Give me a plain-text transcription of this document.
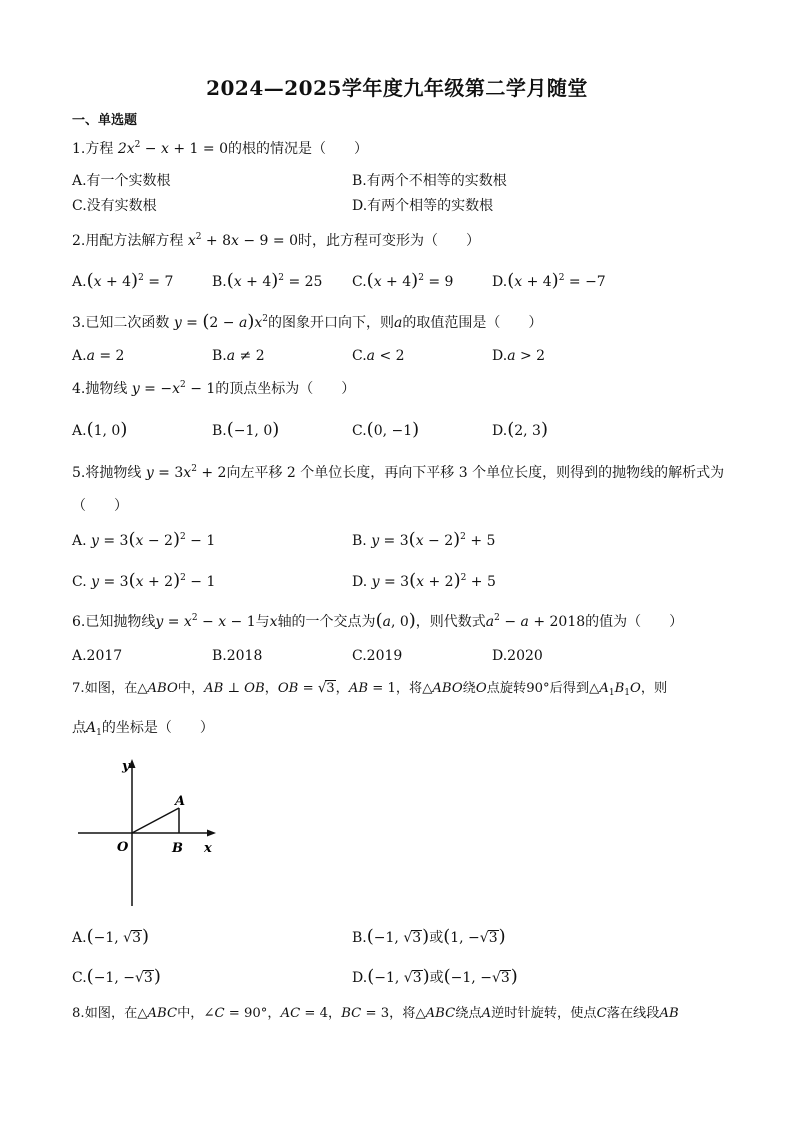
2024—2025学年度九年级第二学月随堂
一、单选题
1.方程 $2x^2 - x + 1 = 0$的根的情况是（　　）
A.有一个实数根	B.有两个不相等的实数根
C.没有实数根	D.有两个相等的实数根
2.用配方法解方程 $x^2 + 8x - 9 = 0$时，此方程可变形为（　　）
$A.(x + 4)^2 = 7$	$B.(x + 4)^2 = 25$ $C.(x + 4)^2 = 9$	$D.(x + 4)^2 = -7$
3.已知二次函数 $y = (2 - a)x^2$的图象开口向下，则a的取值范围是（　　）
A.a = 2	B.a ≠ 2	C.a < 2	D.a > 2
4.抛物线 $y = -x^2 - 1$的顶点坐标为（　　）
A.(1, 0)	B.(−1, 0)	C.(0, −1)	D.(2, 3)
5.将抛物线 $y = 3x^2 + 2$向左平移 2 个单位长度，再向下平移 3 个单位长度，则得到的抛物线的解析式为
（　　）
A. $y = 3(x - 2)^2 - 1$	B. $y = 3(x - 2)^2 + 5$
C. $y = 3(x + 2)^2 - 1$	D. $y = 3(x + 2)^2 + 5$
6.已知抛物线$y = x^2 - x - 1$与x轴的一个交点为(a, 0)，则代数式$a^2 - a + 2018$的值为（　　）
A.2017	B.2018	C.2019	D.2020
7.如图，在△ABO中，AB ⊥ OB，OB = √3，AB = 1，将△ABO绕O点旋转90°后得到$\triangle A_1B_1O$，则
点$A_1$的坐标是（　　）
y
x
O
A
B
A.(−1, √3)	B.(−1, √3)或(1, −√3)
C.(−1, −√3)	D.(−1, √3)或(−1, −√3)
8.如图，在△ABC中，∠C = 90°，AC = 4，BC = 3，将△ABC绕点A逆时针旋转，使点C落在线段AB
